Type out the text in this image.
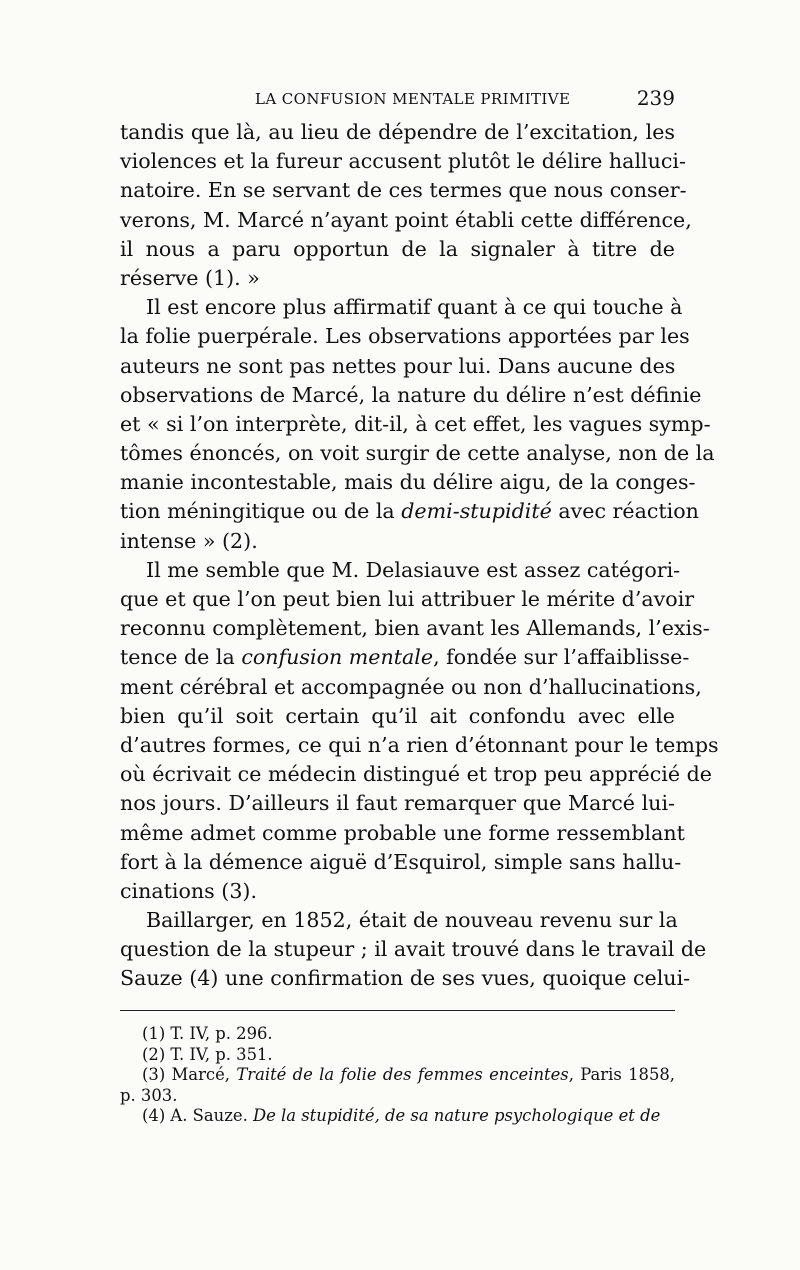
LA CONFUSION MENTALE PRIMITIVE	239
tandis que là, au lieu de dépendre de l’excitation, les
violences et la fureur accusent plutôt le délire halluci-
natoire. En se servant de ces termes que nous conser-
verons, M. Marcé n’ayant point établi cette différence,
il nous a paru opportun de la signaler à titre de
réserve (1). »
Il est encore plus affirmatif quant à ce qui touche à
la folie puerpérale. Les observations apportées par les
auteurs ne sont pas nettes pour lui. Dans aucune des
observations de Marcé, la nature du délire n’est définie
et « si l’on interprète, dit-il, à cet effet, les vagues symp-
tômes énoncés, on voit surgir de cette analyse, non de la
manie incontestable, mais du délire aigu, de la conges-
tion méningitique ou de la demi-stupidité avec réaction
intense » (2).
Il me semble que M. Delasiauve est assez catégori-
que et que l’on peut bien lui attribuer le mérite d’avoir
reconnu complètement, bien avant les Allemands, l’exis-
tence de la confusion mentale, fondée sur l’affaiblisse-
ment cérébral et accompagnée ou non d’hallucinations,
bien qu’il soit certain qu’il ait confondu avec elle
d’autres formes, ce qui n’a rien d’étonnant pour le temps
où écrivait ce médecin distingué et trop peu apprécié de
nos jours. D’ailleurs il faut remarquer que Marcé lui-
même admet comme probable une forme ressemblant
fort à la démence aiguë d’Esquirol, simple sans hallu-
cinations (3).
Baillarger, en 1852, était de nouveau revenu sur la
question de la stupeur ; il avait trouvé dans le travail de
Sauze (4) une confirmation de ses vues, quoique celui-
(1) T. IV, p. 296.
(2) T. IV, p. 351.
(3) Marcé, Traité de la folie des femmes enceintes, Paris 1858,
p. 303.
(4) A. Sauze. De la stupidité, de sa nature psychologique et de
